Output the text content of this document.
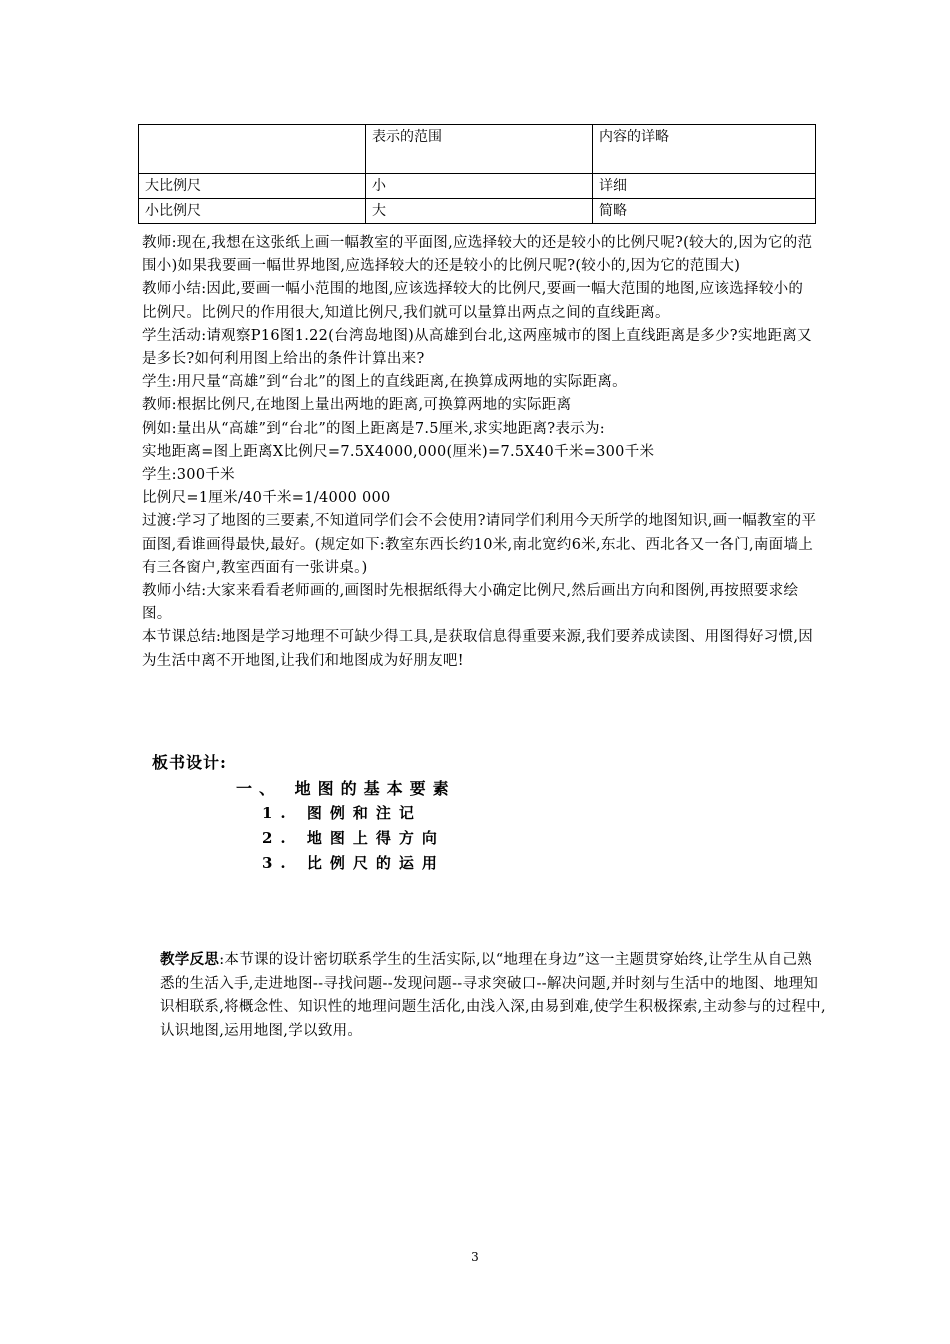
	表示的范围	内容的详略
大比例尺	小	详细
小比例尺	大	简略

教师:现在,我想在这张纸上画一幅教室的平面图,应选择较大的还是较小的比例尺呢?(较大的,因为它的范围小)如果我要画一幅世界地图,应选择较大的还是较小的比例尺呢?(较小的,因为它的范围大)

教师小结:因此,要画一幅小范围的地图,应该选择较大的比例尺,要画一幅大范围的地图,应该选择较小的比例尺。比例尺的作用很大,知道比例尺,我们就可以量算出两点之间的直线距离。

学生活动:请观察P16图1.22(台湾岛地图)从高雄到台北,这两座城市的图上直线距离是多少?实地距离又是多长?如何利用图上给出的条件计算出来?

学生:用尺量“高雄”到“台北”的图上的直线距离,在换算成两地的实际距离。

教师:根据比例尺,在地图上量出两地的距离,可换算两地的实际距离

例如:量出从“高雄”到“台北”的图上距离是7.5厘米,求实地距离?表示为:

实地距离=图上距离X比例尺=7.5X4000,000(厘米)=7.5X40千米=300千米

学生:300千米

比例尺=1厘米/40千米=1/4000 000

过渡:学习了地图的三要素,不知道同学们会不会使用?请同学们利用今天所学的地图知识,画一幅教室的平面图,看谁画得最快,最好。(规定如下:教室东西长约10米,南北宽约6米,东北、西北各又一各门,南面墙上有三各窗户,教室西面有一张讲桌。)

教师小结:大家来看看老师画的,画图时先根据纸得大小确定比例尺,然后画出方向和图例,再按照要求绘图。

本节课总结:地图是学习地理不可缺少得工具,是获取信息得重要来源,我们要养成读图、用图得好习惯,因为生活中离不开地图,让我们和地图成为好朋友吧!

板书设计:
一、 地图的基本要素
1. 图例和注记
2. 地图上得方向
3. 比例尺的运用
教学反思:本节课的设计密切联系学生的生活实际,以“地理在身边”这一主题贯穿始终,让学生从自己熟悉的生活入手,走进地图--寻找问题--发现问题--寻求突破口--解决问题,并时刻与生活中的地图、地理知识相联系,将概念性、知识性的地理问题生活化,由浅入深,由易到难,使学生积极探索,主动参与的过程中,认识地图,运用地图,学以致用。
3
